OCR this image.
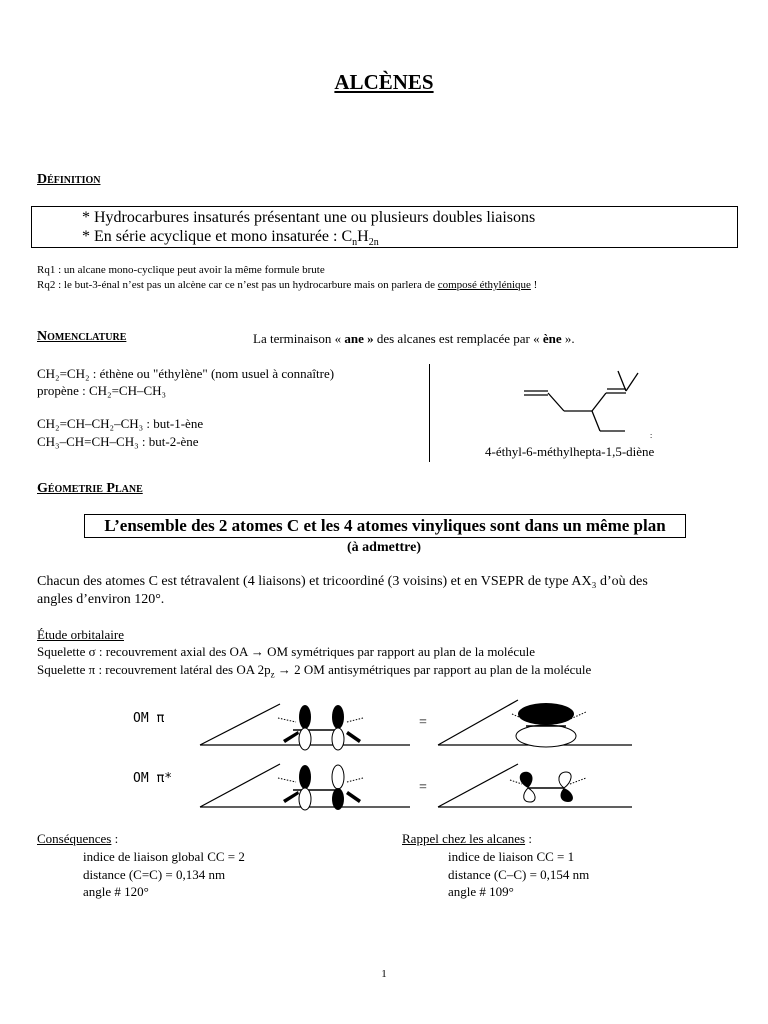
ALCÈNES
Définition
* Hydrocarbures insaturés présentant une ou plusieurs doubles liaisons
* En série acyclique et mono insaturée : $C_nH_{2n}$
Rq1 : un alcane mono-cyclique peut avoir la même formule brute
Rq2 : le but-3-énal n’est pas un alcène car ce n’est pas un hydrocarbure mais on parlera de composé éthylénique !
Nomenclature	La terminaison « ane » des alcanes est remplacée par « ène ».
CH₂=CH₂ : éthène ou "éthylène" (nom usuel à connaître)
propène : CH₂=CH–CH₃
CH₂=CH–CH₂–CH₃ : but-1-ène
CH₃–CH=CH–CH₃ : but-2-ène	:
4-éthyl-6-méthylhepta-1,5-diène
Géometrie Plane
L’ensemble des 2 atomes C et les 4 atomes vinyliques sont dans un même plan
(à admettre)
Chacun des atomes C est tétravalent (4 liaisons) et tricoordiné (3 voisins) et en VSEPR de type AX₃ d’où des
angles d’environ 120°.
Étude orbitalaire
Squelette σ : recouvrement axial des OA → OM symétriques par rapport au plan de la molécule
Squelette π : recouvrement latéral des OA $2p_z \to 2$ OM antisymétriques par rapport au plan de la molécule
OM π	=
OM π*
=
Conséquences :
indice de liaison global CC = 2
distance (C=C) = 0,134 nm
angle # 120°
Rappel chez les alcanes :
indice de liaison CC = 1
distance (C–C) = 0,154 nm
angle # 109°
1
